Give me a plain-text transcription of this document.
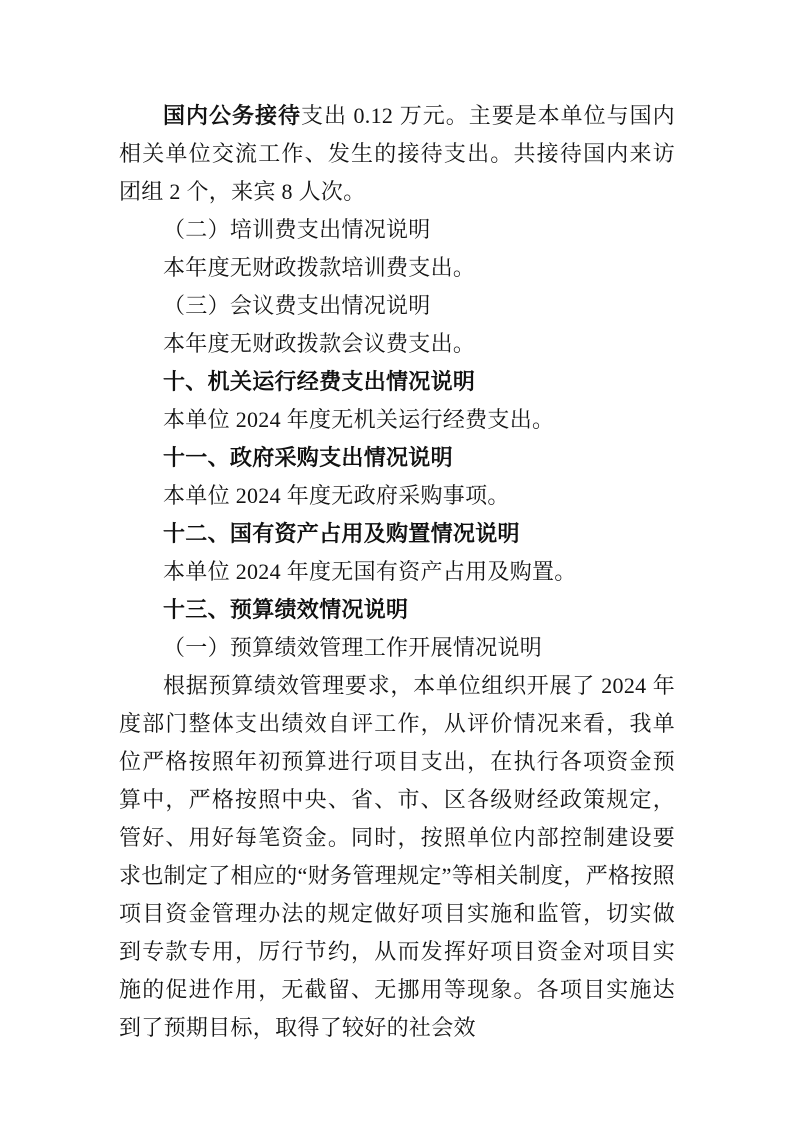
国内公务接待支出 0.12 万元。主要是本单位与国内相关单位交流工作、发生的接待支出。共接待国内来访团组 2 个，来宾 8 人次。

（二）培训费支出情况说明

本年度无财政拨款培训费支出。

（三）会议费支出情况说明

本年度无财政拨款会议费支出。

十、机关运行经费支出情况说明

本单位 2024 年度无机关运行经费支出。

十一、政府采购支出情况说明

本单位 2024 年度无政府采购事项。

十二、国有资产占用及购置情况说明

本单位 2024 年度无国有资产占用及购置。

十三、预算绩效情况说明

（一）预算绩效管理工作开展情况说明

根据预算绩效管理要求，本单位组织开展了 2024 年度部门整体支出绩效自评工作，从评价情况来看，我单位严格按照年初预算进行项目支出，在执行各项资金预算中，严格按照中央、省、市、区各级财经政策规定，管好、用好每笔资金。同时，按照单位内部控制建设要求也制定了相应的“财务管理规定”等相关制度，严格按照项目资金管理办法的规定做好项目实施和监管，切实做到专款专用，厉行节约，从而发挥好项目资金对项目实施的促进作用，无截留、无挪用等现象。各项目实施达到了预期目标，取得了较好的社会效
